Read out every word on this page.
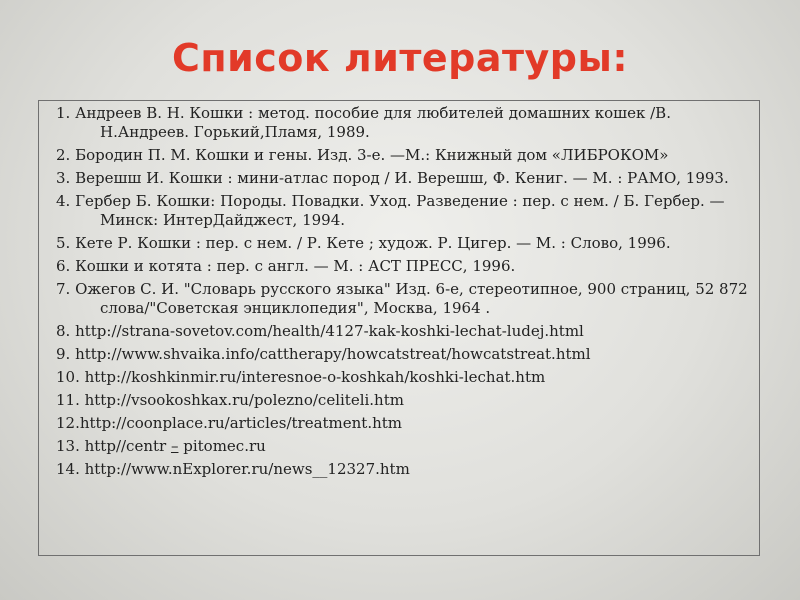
Список литературы:
1. Андреев В. Н. Кошки : метод. пособие для любителей домашних кошек /В. Н.Андреев. Горький,Пламя, 1989.
2. Бородин П. М. Кошки и гены. Изд. 3-е. —М.: Книжный дом «ЛИБРОКОМ»
3. Верешш И. Кошки : мини-атлас пород / И. Верешш, Ф. Кениг. — М. : РАМО, 1993.
4. Гербер Б. Кошки: Породы. Повадки. Уход. Разведение : пер. с нем. / Б. Гербер. — Минск: ИнтерДайджест, 1994.
5. Кете Р. Кошки : пер. с нем. / Р. Кете ; худож. Р. Цигер. — М. : Слово, 1996.
6. Кошки и котята : пер. с англ. — М. : АСТ ПРЕСС, 1996.
7. Ожегов С. И. "Словарь русского языка" Изд. 6-е, стереотипное, 900 страниц, 52 872 слова/"Советская энциклопедия", Москва, 1964 .
8. http://strana-sovetov.com/health/4127-kak-koshki-lechat-ludej.html
9. http://www.shvaika.info/cattherapy/howcatstreat/howcatstreat.html
10. http://koshkinmir.ru/interesnoe-o-koshkah/koshki-lechat.htm
11. http://vsookoshkax.ru/polezno/celiteli.htm
12.http://coonplace.ru/articles/treatment.htm
13. http//centr – pitomec.ru
14. http://www.nExplorer.ru/news__12327.htm
